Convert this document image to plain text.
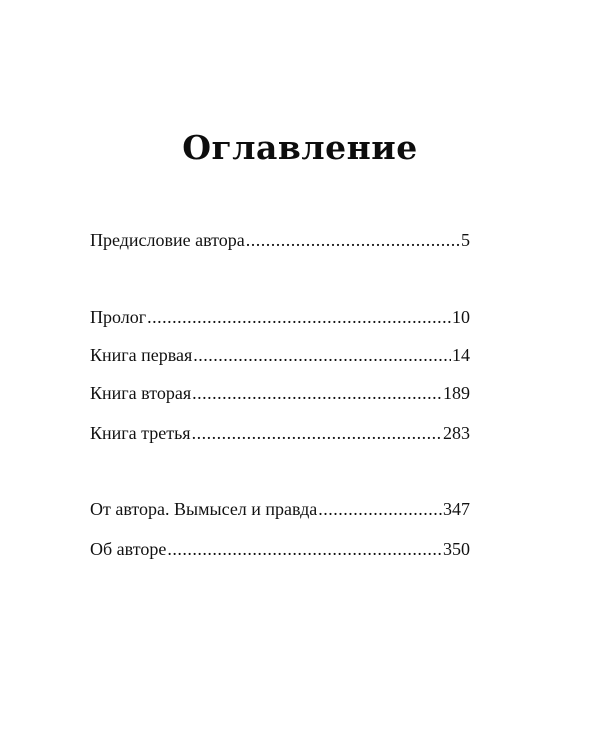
Оглавление
Предисловие автора .....	5
Пролог .....	10
Книга первая .....	14
Книга вторая .....	189
Книга третья .....	283
От автора. Вымысел и правда .....	347
Об авторе .....	350
